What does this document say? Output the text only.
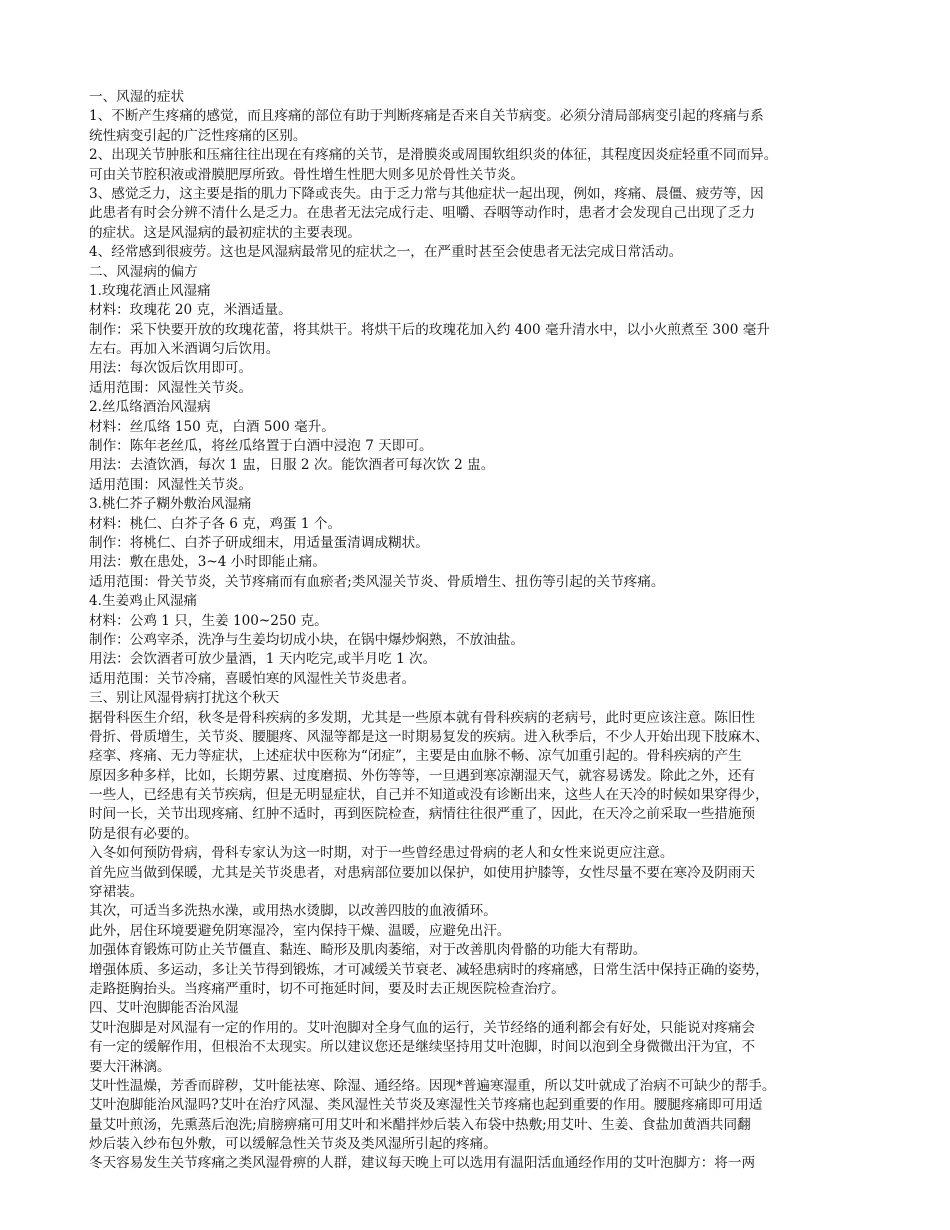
一、风湿的症状
1、不断产生疼痛的感觉，而且疼痛的部位有助于判断疼痛是否来自关节病变。必须分清局部病变引起的疼痛与系
统性病变引起的广泛性疼痛的区别。
2、出现关节肿胀和压痛往往出现在有疼痛的关节，是滑膜炎或周围软组织炎的体征，其程度因炎症轻重不同而异。
可由关节腔积液或滑膜肥厚所致。骨性增生性肥大则多见於骨性关节炎。
3、感觉乏力，这主要是指的肌力下降或丧失。由于乏力常与其他症状一起出现，例如，疼痛、晨僵、疲劳等，因
此患者有时会分辨不清什么是乏力。在患者无法完成行走、咀嚼、吞咽等动作时，患者才会发现自己出现了乏力
的症状。这是风湿病的最初症状的主要表现。
4、经常感到很疲劳。这也是风湿病最常见的症状之一，在严重时甚至会使患者无法完成日常活动。
二、风湿病的偏方
1.玫瑰花酒止风湿痛
材料：玫瑰花 20 克，米酒适量。
制作：采下快要开放的玫瑰花蕾，将其烘干。将烘干后的玫瑰花加入约 400 毫升清水中，以小火煎煮至 300 毫升
左右。再加入米酒调匀后饮用。
用法：每次饭后饮用即可。
适用范围：风湿性关节炎。
2.丝瓜络酒治风湿病
材料：丝瓜络 150 克，白酒 500 毫升。
制作：陈年老丝瓜，将丝瓜络置于白酒中浸泡 7 天即可。
用法：去渣饮酒，每次 1 盅，日服 2 次。能饮酒者可每次饮 2 盅。
适用范围：风湿性关节炎。
3.桃仁芥子糊外敷治风湿痛
材料：桃仁、白芥子各 6 克，鸡蛋 1 个。
制作：将桃仁、白芥子研成细末，用适量蛋清调成糊状。
用法：敷在患处，3~4 小时即能止痛。
适用范围：骨关节炎，关节疼痛而有血瘀者;类风湿关节炎、骨质增生、扭伤等引起的关节疼痛。
4.生姜鸡止风湿痛
材料：公鸡 1 只，生姜 100~250 克。
制作：公鸡宰杀，洗净与生姜均切成小块，在锅中爆炒焖熟，不放油盐。
用法：会饮酒者可放少量酒，1 天内吃完,或半月吃 1 次。
适用范围：关节冷痛，喜暖怕寒的风湿性关节炎患者。
三、别让风湿骨病打扰这个秋天
据骨科医生介绍，秋冬是骨科疾病的多发期，尤其是一些原本就有骨科疾病的老病号，此时更应该注意。陈旧性
骨折、骨质增生，关节炎、腰腿疼、风湿等都是这一时期易复发的疾病。进入秋季后，不少人开始出现下肢麻木、
痉挛、疼痛、无力等症状，上述症状中医称为“闭症”，主要是由血脉不畅、凉气加重引起的。骨科疾病的产生
原因多种多样，比如，长期劳累、过度磨损、外伤等等，一旦遇到寒凉潮湿天气，就容易诱发。除此之外，还有
一些人，已经患有关节疾病，但是无明显症状，自己并不知道或没有诊断出来，这些人在天冷的时候如果穿得少，
时间一长，关节出现疼痛、红肿不适时，再到医院检查，病情往往很严重了，因此，在天冷之前采取一些措施预
防是很有必要的。
入冬如何预防骨病，骨科专家认为这一时期，对于一些曾经患过骨病的老人和女性来说更应注意。
首先应当做到保暖，尤其是关节炎患者，对患病部位要加以保护，如使用护膝等，女性尽量不要在寒冷及阴雨天
穿裙装。
其次，可适当多洗热水澡，或用热水烫脚，以改善四肢的血液循环。
此外，居住环境要避免阴寒湿冷，室内保持干燥、温暖，应避免出汗。
加强体育锻炼可防止关节僵直、黏连、畸形及肌肉萎缩，对于改善肌肉骨骼的功能大有帮助。
增强体质、多运动，多让关节得到锻炼，才可减缓关节衰老、减轻患病时的疼痛感，日常生活中保持正确的姿势，
走路挺胸抬头。当疼痛严重时，切不可拖延时间，要及时去正规医院检查治疗。
四、艾叶泡脚能否治风湿
艾叶泡脚是对风湿有一定的作用的。艾叶泡脚对全身气血的运行，关节经络的通利都会有好处，只能说对疼痛会
有一定的缓解作用，但根治不太现实。所以建议您还是继续坚持用艾叶泡脚，时间以泡到全身微微出汗为宜，不
要大汗淋漓。
艾叶性温燥，芳香而辟秽，艾叶能祛寒、除湿、通经络。因现*普遍寒湿重，所以艾叶就成了治病不可缺少的帮手。
艾叶泡脚能治风湿吗?艾叶在治疗风湿、类风湿性关节炎及寒湿性关节疼痛也起到重要的作用。腰腿疼痛即可用适
量艾叶煎汤，先熏蒸后泡洗;肩膀痹痛可用艾叶和米醋拌炒后装入布袋中热敷;用艾叶、生姜、食盐加黄酒共同翻
炒后装入纱布包外敷，可以缓解急性关节炎及类风湿所引起的疼痛。
冬天容易发生关节疼痛之类风湿骨痹的人群，建议每天晚上可以选用有温阳活血通经作用的艾叶泡脚方：将一两
